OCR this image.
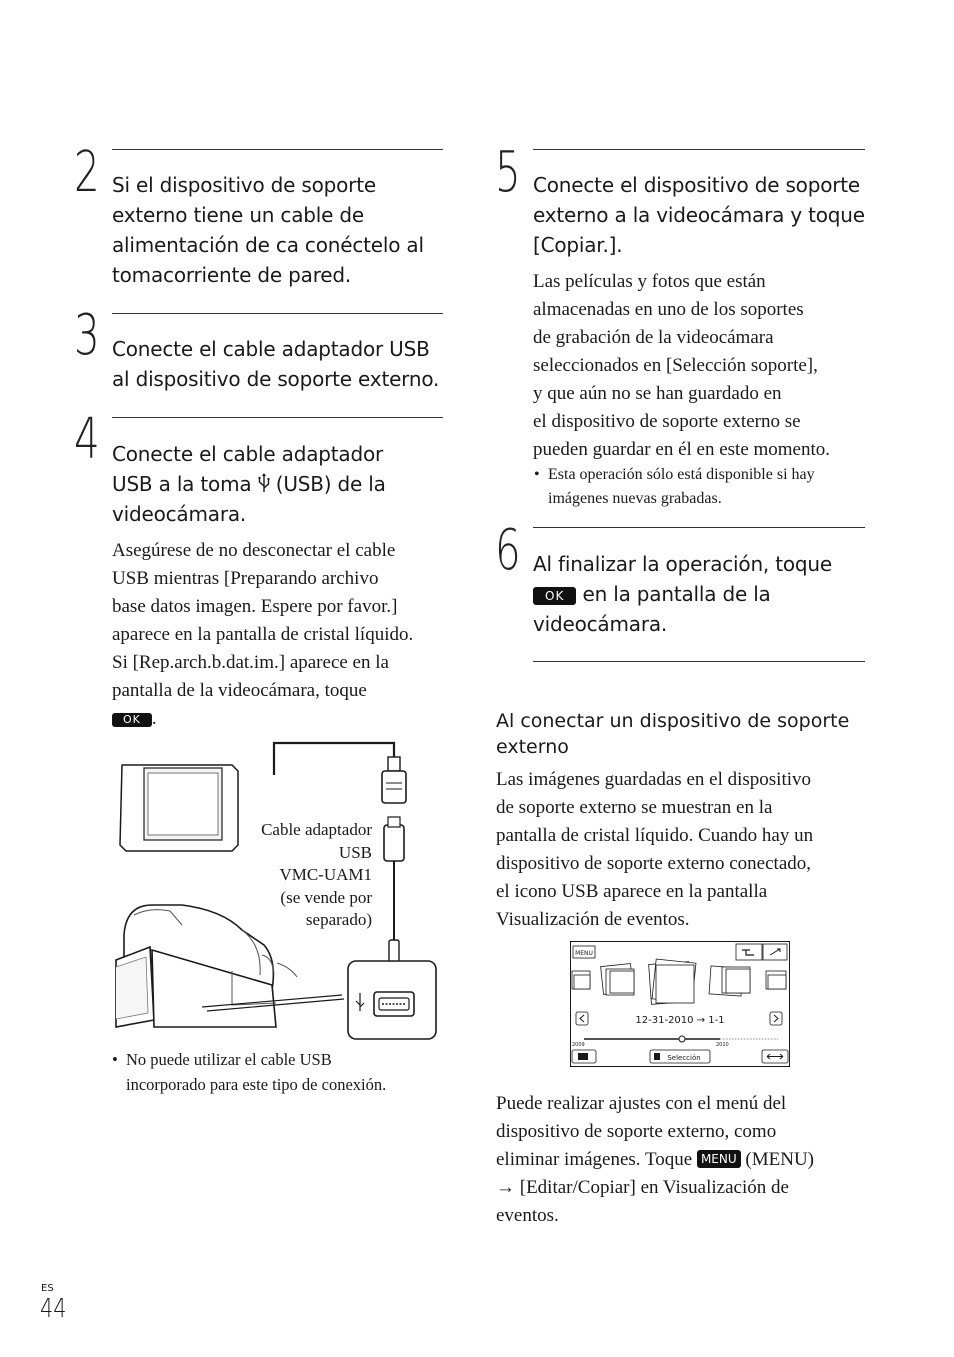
2 Si el dispositivo de soporte
externo tiene un cable de
alimentación de ca conéctelo al
tomacorriente de pared.
3 Conecte el cable adaptador USB
al dispositivo de soporte externo.
4 Conecte el cable adaptador
USB a la toma  (USB) de la
videocámara.
Asegúrese de no desconectar el cable
USB mientras [Preparando archivo
base datos imagen. Espere por favor.]
aparece en la pantalla de cristal líquido.
Si [Rep.arch.b.dat.im.] aparece en la
pantalla de la videocámara, toque
OK .
Cable adaptador
USB
VMC-UAM1
(se vende por
separado)
• No puede utilizar el cable USB
incorporado para este tipo de conexión.
5 Conecte el dispositivo de soporte
externo a la videocámara y toque
[Copiar.].
Las películas y fotos que están
almacenadas en uno de los soportes
de grabación de la videocámara
seleccionados en [Selección soporte],
y que aún no se han guardado en
el dispositivo de soporte externo se
pueden guardar en él en este momento.
• Esta operación sólo está disponible si hay
imágenes nuevas grabadas.
6 Al finalizar la operación, toque
OK en la pantalla de la
videocámara.
Al conectar un dispositivo de soporte
externo
Las imágenes guardadas en el dispositivo
de soporte externo se muestran en la
pantalla de cristal líquido. Cuando hay un
dispositivo de soporte externo conectado,
el icono USB aparece en la pantalla
Visualización de eventos.
MENU
12-31-2010 → 1-1
2009	2010
Selección
Puede realizar ajustes con el menú del
dispositivo de soporte externo, como
eliminar imágenes. Toque MENU (MENU)
→ [Editar/Copiar] en Visualización de
eventos.
ES
44
